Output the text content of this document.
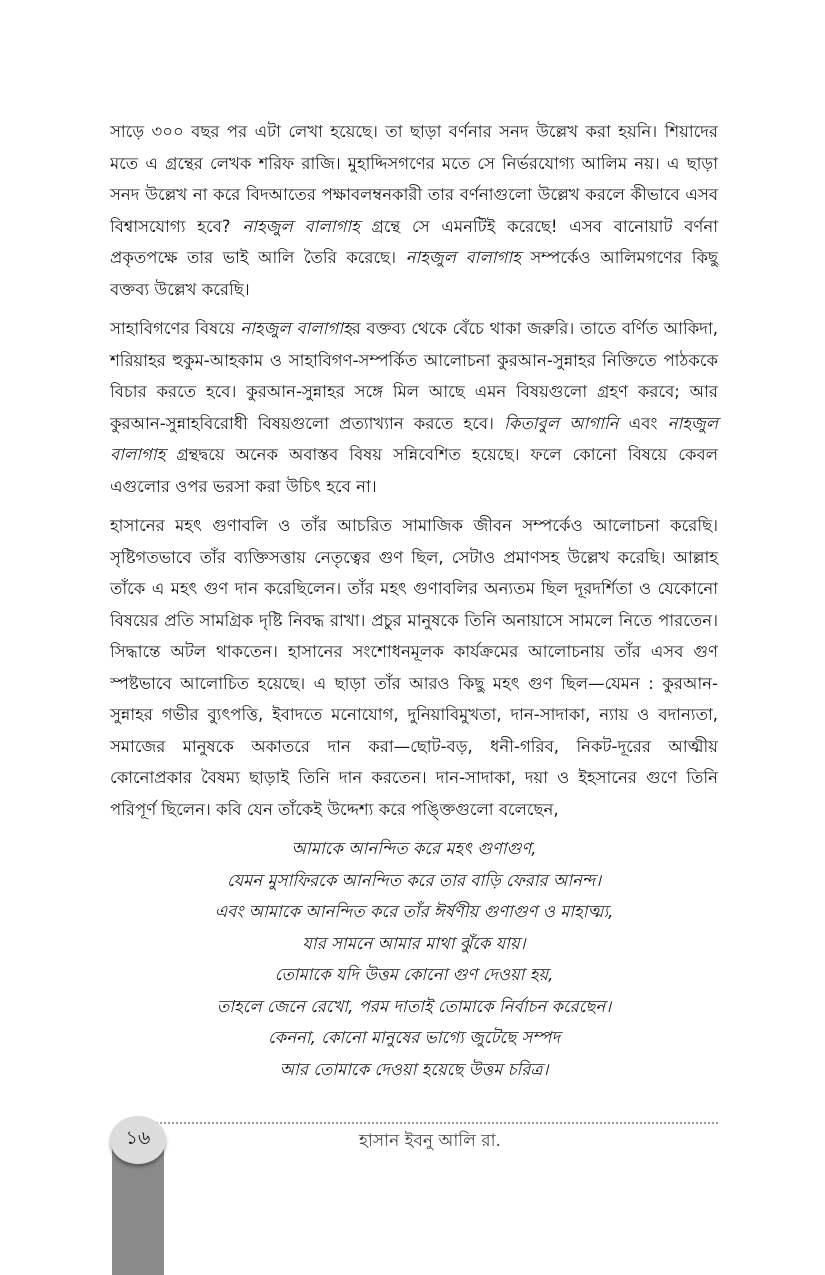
সাড়ে ৩০০ বছর পর এটা লেখা হয়েছে। তা ছাড়া বর্ণনার সনদ উল্লেখ করা হয়নি। শিয়াদের মতে এ গ্রন্থের লেখক শরিফ রাজি। মুহাদ্দিসগণের মতে সে নির্ভরযোগ্য আলিম নয়। এ ছাড়া সনদ উল্লেখ না করে বিদআতের পক্ষাবলম্বনকারী তার বর্ণনাগুলো উল্লেখ করলে কীভাবে এসব বিশ্বাসযোগ্য হবে? নাহজুল বালাগাহ গ্রন্থে সে এমনটিই করেছে! এসব বানোয়াট বর্ণনা প্রকৃতপক্ষে তার ভাই আলি তৈরি করেছে। নাহজুল বালাগাহ সম্পর্কেও আলিমগণের কিছু বক্তব্য উল্লেখ করেছি।

সাহাবিগণের বিষয়ে নাহজুল বালাগাহর বক্তব্য থেকে বেঁচে থাকা জরুরি। তাতে বর্ণিত আকিদা, শরিয়াহর হুকুম-আহকাম ও সাহাবিগণ-সম্পর্কিত আলোচনা কুরআন-সুন্নাহর নিক্তিতে পাঠককে বিচার করতে হবে। কুরআন-সুন্নাহর সঙ্গে মিল আছে এমন বিষয়গুলো গ্রহণ করবে; আর কুরআন-সুন্নাহবিরোধী বিষয়গুলো প্রত্যাখ্যান করতে হবে। কিতাবুল আগানি এবং নাহজুল বালাগাহ গ্রন্থদ্বয়ে অনেক অবাস্তব বিষয় সন্নিবেশিত হয়েছে। ফলে কোনো বিষয়ে কেবল এগুলোর ওপর ভরসা করা উচিৎ হবে না।

হাসানের মহৎ গুণাবলি ও তাঁর আচরিত সামাজিক জীবন সম্পর্কেও আলোচনা করেছি। সৃষ্টিগতভাবে তাঁর ব্যক্তিসত্তায় নেতৃত্বের গুণ ছিল, সেটাও প্রমাণসহ উল্লেখ করেছি। আল্লাহ তাঁকে এ মহৎ গুণ দান করেছিলেন। তাঁর মহৎ গুণাবলির অন্যতম ছিল দূরদর্শিতা ও যেকোনো বিষয়ের প্রতি সামগ্রিক দৃষ্টি নিবদ্ধ রাখা। প্রচুর মানুষকে তিনি অনায়াসে সামলে নিতে পারতেন। সিদ্ধান্তে অটল থাকতেন। হাসানের সংশোধনমূলক কার্যক্রমের আলোচনায় তাঁর এসব গুণ স্পষ্টভাবে আলোচিত হয়েছে। এ ছাড়া তাঁর আরও কিছু মহৎ গুণ ছিল—যেমন : কুরআন-সুন্নাহর গভীর ব্যুৎপত্তি, ইবাদতে মনোযোগ, দুনিয়াবিমুখতা, দান-সাদাকা, ন্যায় ও বদান্যতা, সমাজের মানুষকে অকাতরে দান করা—ছোট-বড়, ধনী-গরিব, নিকট-দূরের আত্মীয় কোনোপ্রকার বৈষম্য ছাড়াই তিনি দান করতেন। দান-সাদাকা, দয়া ও ইহসানের গুণে তিনি পরিপূর্ণ ছিলেন। কবি যেন তাঁকেই উদ্দেশ্য করে পঙ্ক্তিগুলো বলেছেন,

আমাকে আনন্দিত করে মহৎ গুণাগুণ,
যেমন মুসাফিরকে আনন্দিত করে তার বাড়ি ফেরার আনন্দ।
এবং আমাকে আনন্দিত করে তাঁর ঈর্ষণীয় গুণাগুণ ও মাহাত্ম্য,
যার সামনে আমার মাথা ঝুঁকে যায়।
তোমাকে যদি উত্তম কোনো গুণ দেওয়া হয়,
তাহলে জেনে রেখো, পরম দাতাই তোমাকে নির্বাচন করেছেন।
কেননা, কোনো মানুষের ভাগ্যে জুটেছে সম্পদ
আর তোমাকে দেওয়া হয়েছে উত্তম চরিত্র।
১৬	হাসান ইবনু আলি রা.
